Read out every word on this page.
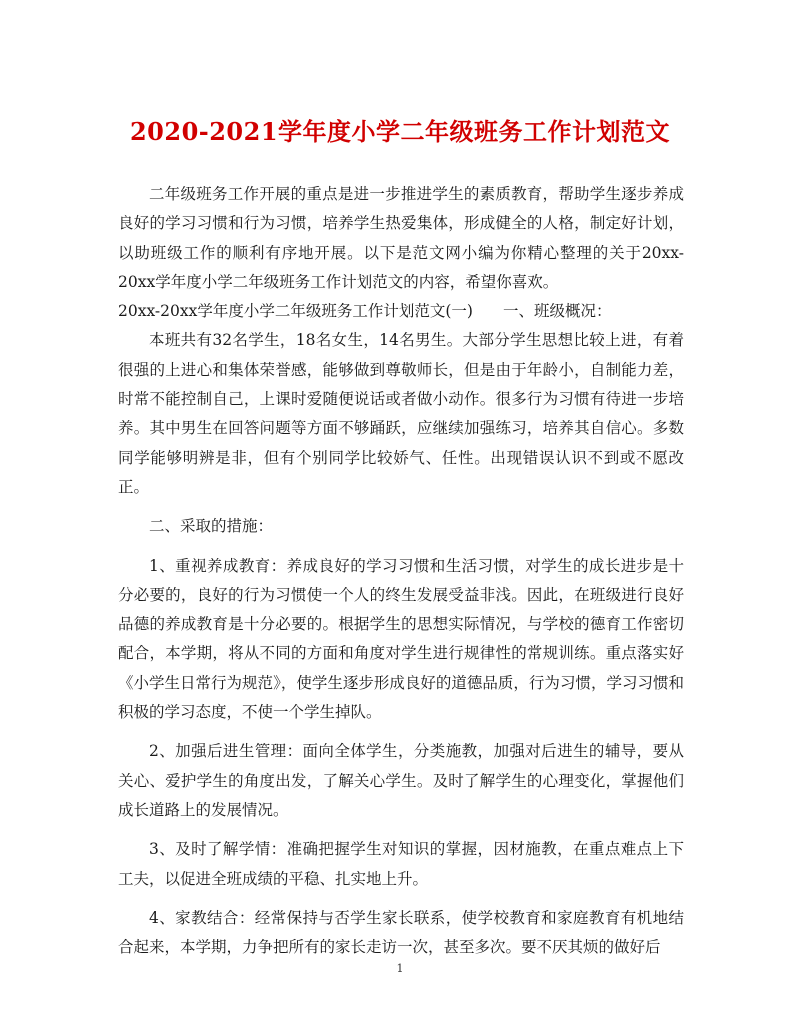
2020-2021学年度小学二年级班务工作计划范文

二年级班务工作开展的重点是进一步推进学生的素质教育，帮助学生逐步养成良好的学习习惯和行为习惯，培养学生热爱集体，形成健全的人格，制定好计划，以助班级工作的顺利有序地开展。以下是范文网小编为你精心整理的关于20xx-20xx学年度小学二年级班务工作计划范文的内容，希望你喜欢。

20xx-20xx学年度小学二年级班务工作计划范文(一) 一、班级概况：

本班共有32名学生，18名女生，14名男生。大部分学生思想比较上进，有着很强的上进心和集体荣誉感，能够做到尊敬师长，但是由于年龄小，自制能力差，时常不能控制自己，上课时爱随便说话或者做小动作。很多行为习惯有待进一步培养。其中男生在回答问题等方面不够踊跃，应继续加强练习，培养其自信心。多数同学能够明辨是非，但有个别同学比较娇气、任性。出现错误认识不到或不愿改正。

二、采取的措施：

1、重视养成教育：养成良好的学习习惯和生活习惯，对学生的成长进步是十分必要的，良好的行为习惯使一个人的终生发展受益非浅。因此，在班级进行良好品德的养成教育是十分必要的。根据学生的思想实际情况，与学校的德育工作密切配合，本学期，将从不同的方面和角度对学生进行规律性的常规训练。重点落实好《小学生日常行为规范》，使学生逐步形成良好的道德品质，行为习惯，学习习惯和积极的学习态度，不使一个学生掉队。

2、加强后进生管理：面向全体学生，分类施教，加强对后进生的辅导，要从关心、爱护学生的角度出发，了解关心学生。及时了解学生的心理变化，掌握他们成长道路上的发展情况。

3、及时了解学情：准确把握学生对知识的掌握，因材施教，在重点难点上下工夫，以促进全班成绩的平稳、扎实地上升。

4、家教结合：经常保持与否学生家长联系，使学校教育和家庭教育有机地结合起来，本学期，力争把所有的家长走访一次，甚至多次。要不厌其烦的做好后

1
